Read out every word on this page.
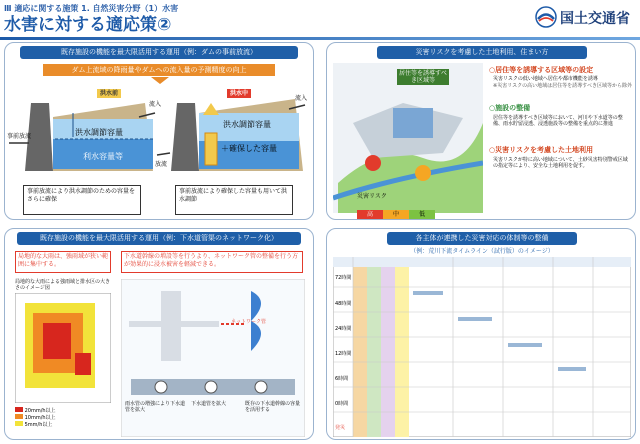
Ⅲ 適応に関する施策 1. 自然災害分野（1）水害
水害に対する適応策②	国土交通省
既存施設の機能を最大限活用する運用（例：ダムの事前放流）
ダム上流域の降雨量やダムへの流入量の予測精度の向上
洪水前	洪水中
流入
流入
事前放流
放流
洪水調節容量
洪水調節容量
利水容量等
＋確保した容量
事前放流により洪水調節のための容量をさらに確保
事前放流により確保した容量も用いて洪水調節
災害リスクを考慮した土地利用、住まい方
居住等を誘導すべき区域等
災害リスク
高	中	低
○居住等を誘導する区域等の設定
災害リスクの低い地域へ居住や都市機能を誘導
※災害リスクの高い地域は居住等を誘導すべき区域等から除外
○施設の整備
居住等を誘導すべき区域等において、河川や下水道等の整備、雨水貯留浸透、浸透施設等の整備を重点的に推進
○災害リスクを考慮した土地利用
災害リスクが特に高い地域について、土砂災害特別警戒区域の指定等により、安全な土地利用を促す。
既存施設の機能を最大限活用する運用（例：下水道管渠のネットワーク化）
局地的な大雨は、強雨域が狭い範囲に集中する。
下水道幹線の増設等を行うより、ネットワーク管の整備を行う方が効果的に浸水被害を軽減できる。
局地的な大雨による強雨域と排水区の大きさのイメージ図
20mm/h以上
10mm/h以上
5mm/h以上
ネットワーク管
雨水管の増強により下水道管を拡大
下水道管を拡大	既存の下水道幹線の容量を活用する
各主体が連携した災害対応の体制等の整備
（例：荒川下流タイムライン（試行版）のイメージ）
72時間
48時間
24時間
12時間
6時間
0時間
発災
